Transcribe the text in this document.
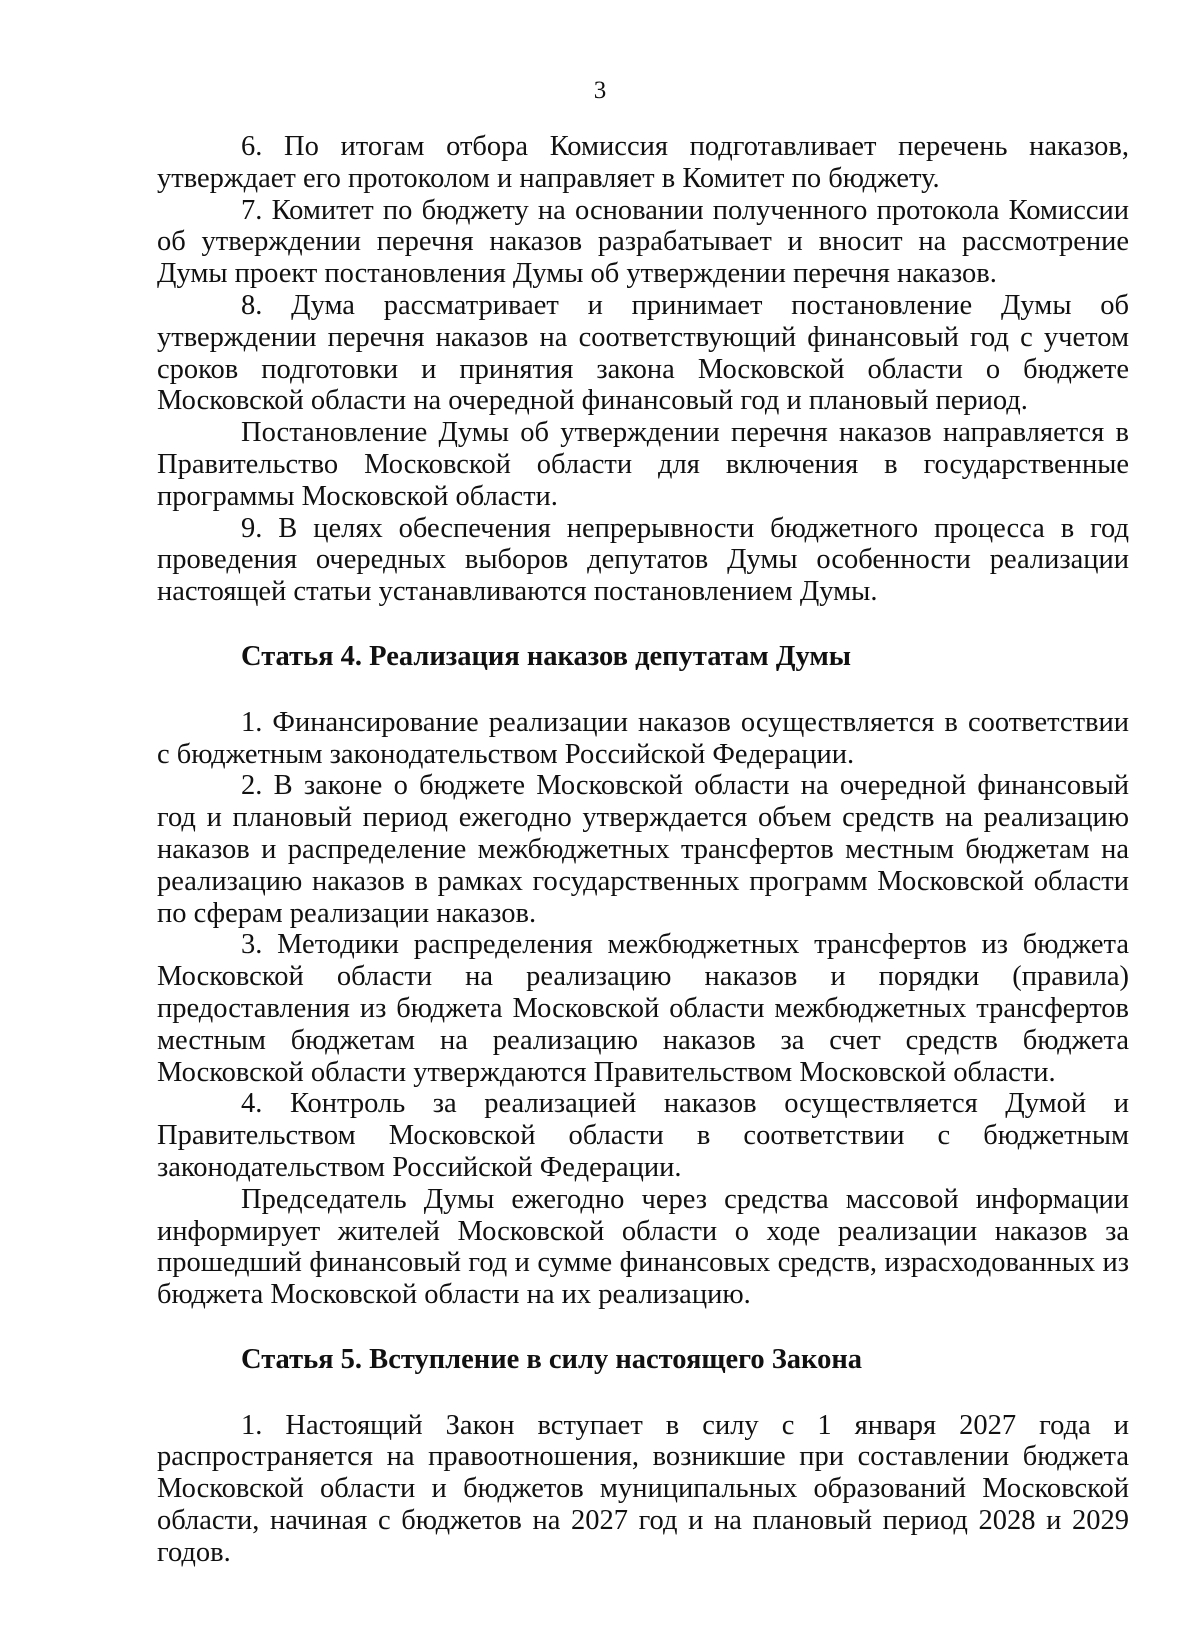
3

6. По итогам отбора Комиссия подготавливает перечень наказов, утверждает его протоколом и направляет в Комитет по бюджету.

7. Комитет по бюджету на основании полученного протокола Комиссии об утверждении перечня наказов разрабатывает и вносит на рассмотрение Думы проект постановления Думы об утверждении перечня наказов.

8. Дума рассматривает и принимает постановление Думы об утверждении перечня наказов на соответствующий финансовый год с учетом сроков подготовки и принятия закона Московской области о бюджете Московской области на очередной финансовый год и плановый период.

Постановление Думы об утверждении перечня наказов направляется в Правительство Московской области для включения в государственные программы Московской области.

9. В целях обеспечения непрерывности бюджетного процесса в год проведения очередных выборов депутатов Думы особенности реализации настоящей статьи устанавливаются постановлением Думы.

Статья 4. Реализация наказов депутатам Думы

1. Финансирование реализации наказов осуществляется в соответствии с бюджетным законодательством Российской Федерации.

2. В законе о бюджете Московской области на очередной финансовый год и плановый период ежегодно утверждается объем средств на реализацию наказов и распределение межбюджетных трансфертов местным бюджетам на реализацию наказов в рамках государственных программ Московской области по сферам реализации наказов.

3. Методики распределения межбюджетных трансфертов из бюджета Московской области на реализацию наказов и порядки (правила) предоставления из бюджета Московской области межбюджетных трансфертов местным бюджетам на реализацию наказов за счет средств бюджета Московской области утверждаются Правительством Московской области.

4. Контроль за реализацией наказов осуществляется Думой и Правительством Московской области в соответствии с бюджетным законодательством Российской Федерации.

Председатель Думы ежегодно через средства массовой информации информирует жителей Московской области о ходе реализации наказов за прошедший финансовый год и сумме финансовых средств, израсходованных из бюджета Московской области на их реализацию.

Статья 5. Вступление в силу настоящего Закона

1. Настоящий Закон вступает в силу с 1 января 2027 года и распространяется на правоотношения, возникшие при составлении бюджета Московской области и бюджетов муниципальных образований Московской области, начиная с бюджетов на 2027 год и на плановый период 2028 и 2029 годов.
